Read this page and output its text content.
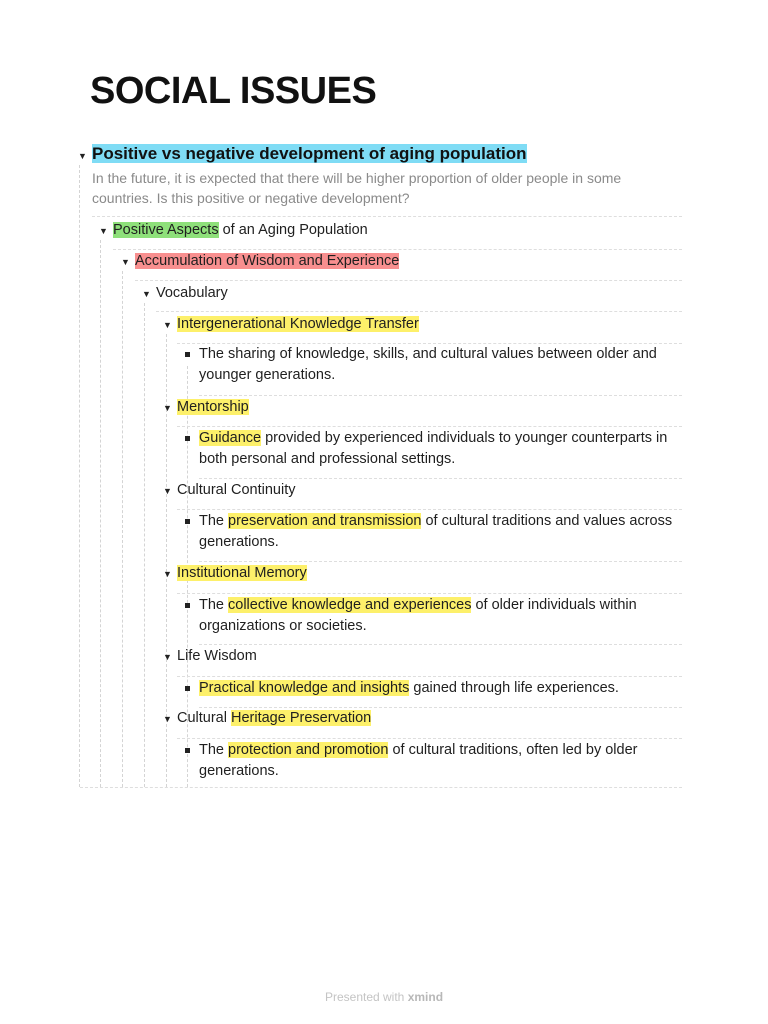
SOCIAL ISSUES
▼ Positive vs negative development of aging population
In the future, it is expected that there will be higher proportion of older people in some countries. Is this positive or negative development?
▼ Positive Aspects of an Aging Population
▼ Accumulation of Wisdom and Experience
▼ Vocabulary
▼ Intergenerational Knowledge Transfer
The sharing of knowledge, skills, and cultural values between older and younger generations.
▼ Mentorship
Guidance provided by experienced individuals to younger counterparts in both personal and professional settings.
▼ Cultural Continuity
The preservation and transmission of cultural traditions and values across generations.
▼ Institutional Memory
The collective knowledge and experiences of older individuals within organizations or societies.
▼ Life Wisdom
Practical knowledge and insights gained through life experiences.
▼ Cultural Heritage Preservation
The protection and promotion of cultural traditions, often led by older generations.
Presented with xmind
